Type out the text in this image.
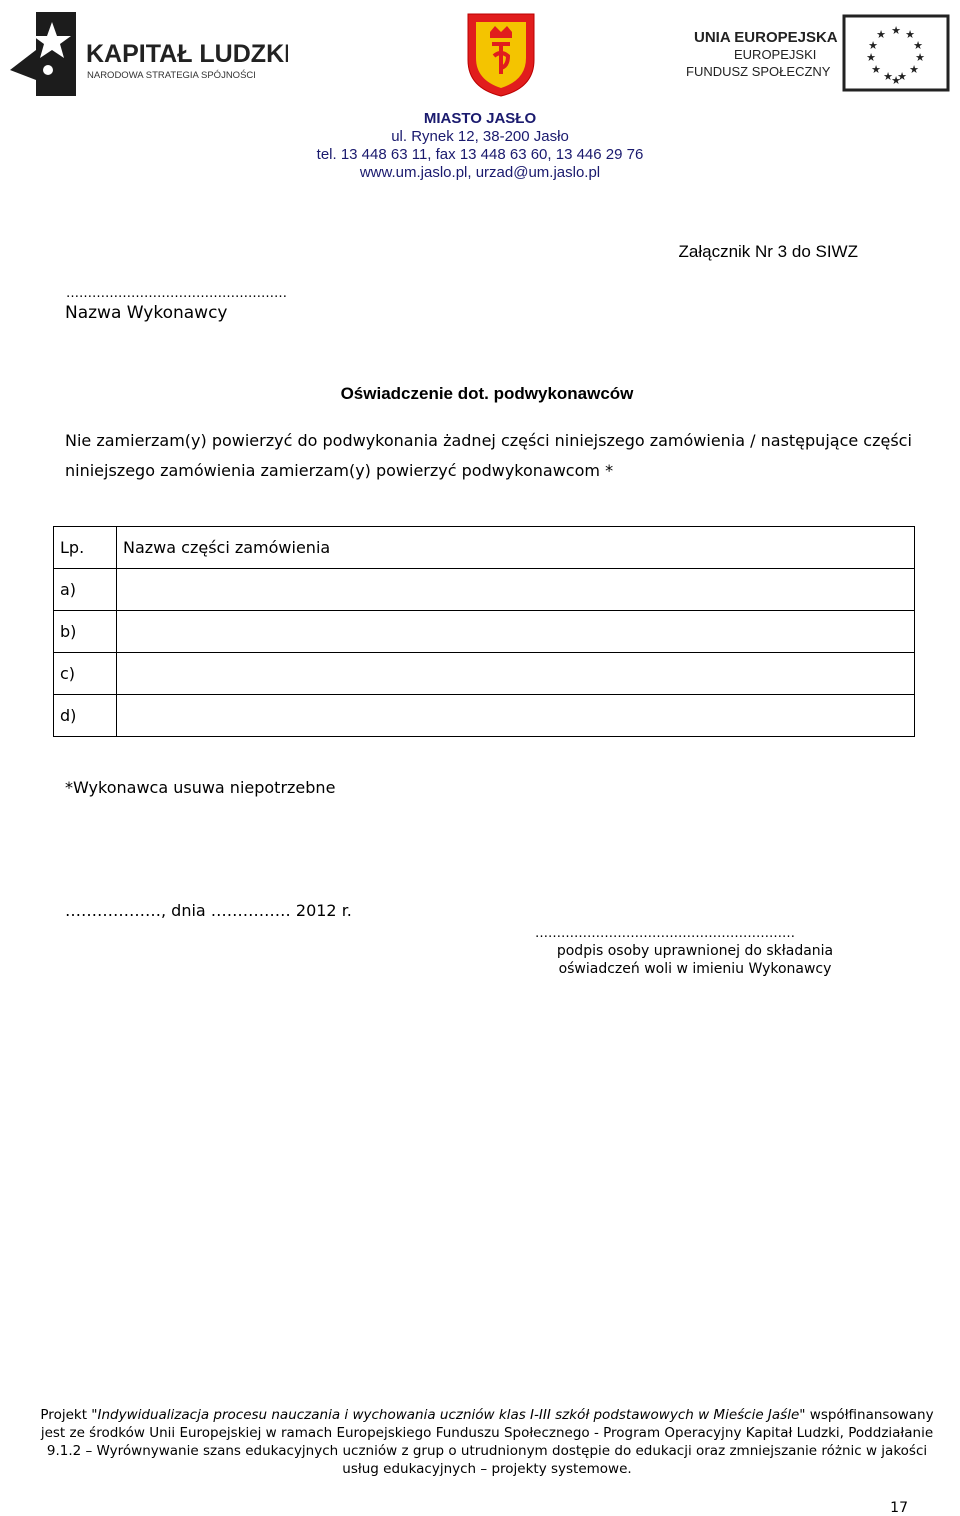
KAPITAŁ LUDZKI
NARODOWA STRATEGIA SPÓJNOŚCI
UNIA EUROPEJSKA
EUROPEJSKI
FUNDUSZ SPOŁECZNY
★ ★
★
★
★
★
★
★
★
★
★
★
MIASTO JASŁO
ul. Rynek 12, 38-200 Jasło
tel. 13 448 63 11, fax 13 448 63 60, 13 446 29 76
www.um.jaslo.pl, urzad@um.jaslo.pl
Załącznik Nr 3 do SIWZ
……………………………………………
Nazwa Wykonawcy
Oświadczenie dot. podwykonawców
Nie zamierzam(y) powierzyć do podwykonania żadnej części niniejszego zamówienia / następujące części niniejszego zamówienia zamierzam(y) powierzyć podwykonawcom *
Lp.	Nazwa części zamówienia
a)	
b)	
c)	
d)	
*Wykonawca usuwa niepotrzebne
………………, dnia …………… 2012 r.
……………………………………………………
podpis osoby uprawnionej do składania
oświadczeń woli w imieniu Wykonawcy
Projekt "Indywidualizacja procesu nauczania i wychowania uczniów klas I-III szkół podstawowych w Mieście Jaśle" współfinansowany
jest ze środków Unii Europejskiej w ramach Europejskiego Funduszu Społecznego - Program Operacyjny Kapitał Ludzki, Poddziałanie
9.1.2 – Wyrównywanie szans edukacyjnych uczniów z grup o utrudnionym dostępie do edukacji oraz zmniejszanie różnic w jakości
usług edukacyjnych – projekty systemowe.
17
